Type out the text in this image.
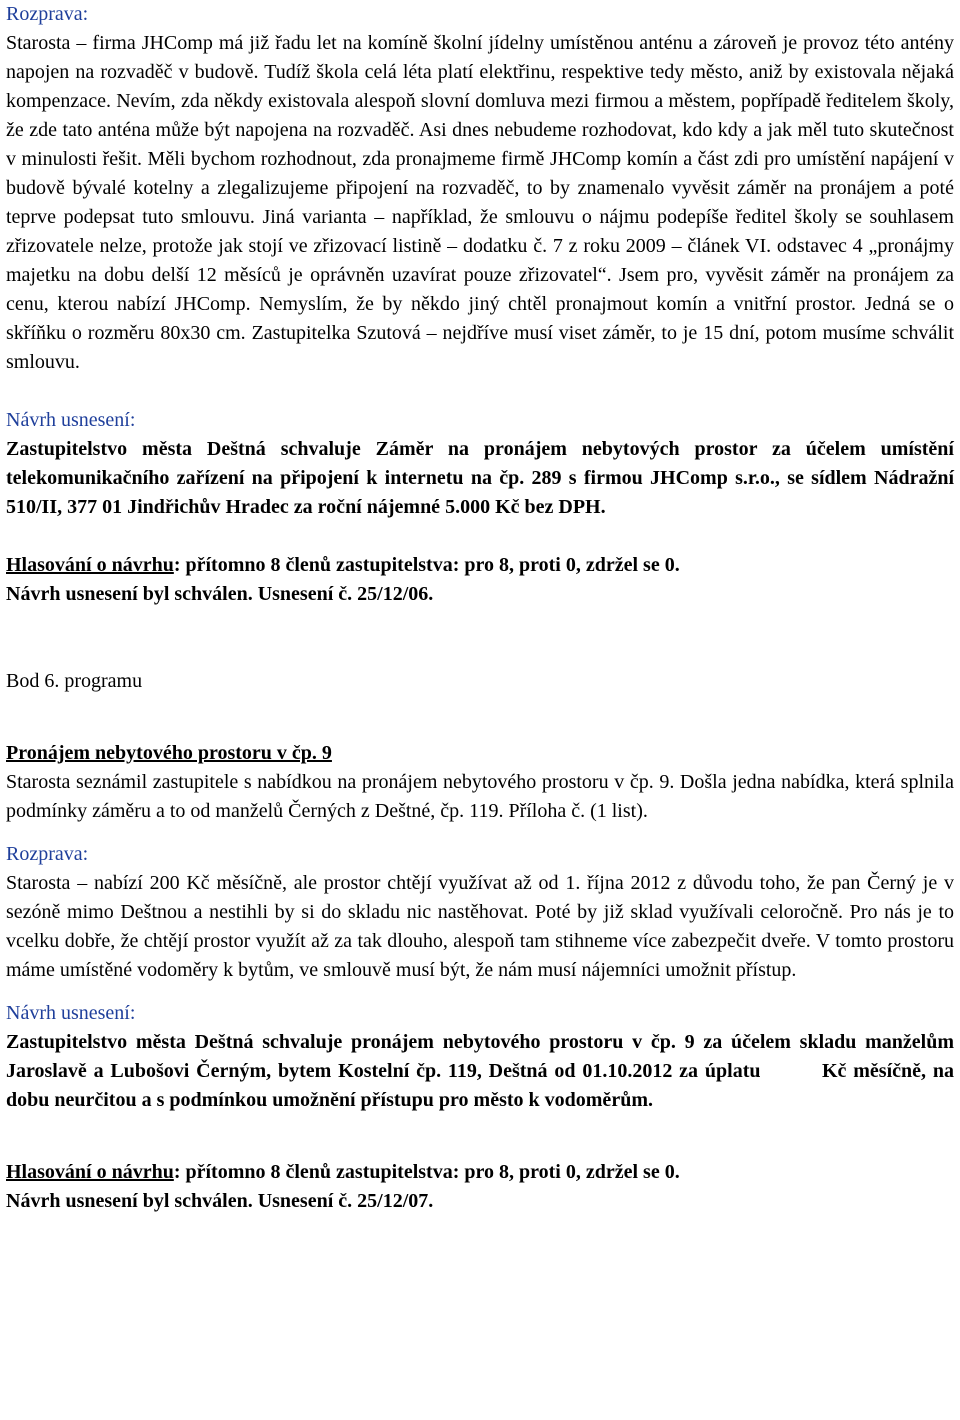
Rozprava:

Starosta – firma JHComp má již řadu let na komíně školní jídelny umístěnou anténu a zároveň je provoz této antény napojen na rozvaděč v budově. Tudíž škola celá léta platí elektřinu, respektive tedy město, aniž by existovala nějaká kompenzace. Nevím, zda někdy existovala alespoň slovní domluva mezi firmou a městem, popřípadě ředitelem školy, že zde tato anténa může být napojena na rozvaděč. Asi dnes nebudeme rozhodovat, kdo kdy a jak měl tuto skutečnost v minulosti řešit. Měli bychom rozhodnout, zda pronajmeme firmě JHComp komín a část zdi pro umístění napájení v budově bývalé kotelny a zlegalizujeme připojení na rozvaděč, to by znamenalo vyvěsit záměr na pronájem a poté teprve podepsat tuto smlouvu. Jiná varianta – například, že smlouvu o nájmu podepíše ředitel školy se souhlasem zřizovatele nelze, protože jak stojí ve zřizovací listině – dodatku č. 7 z roku 2009 – článek VI. odstavec 4 „pronájmy majetku na dobu delší 12 měsíců je oprávněn uzavírat pouze zřizovatel“. Jsem pro, vyvěsit záměr na pronájem za cenu, kterou nabízí JHComp. Nemyslím, že by někdo jiný chtěl pronajmout komín a vnitřní prostor. Jedná se o skříňku o rozměru 80x30 cm. Zastupitelka Szutová – nejdříve musí viset záměr, to je 15 dní, potom musíme schválit smlouvu.

Návrh usnesení:

Zastupitelstvo města Deštná schvaluje Záměr na pronájem nebytových prostor za účelem umístění telekomunikačního zařízení na připojení k internetu na čp. 289 s firmou JHComp s.r.o., se sídlem Nádražní 510/II, 377 01 Jindřichův Hradec za roční nájemné 5.000 Kč bez DPH.

Hlasování o návrhu: přítomno 8 členů zastupitelstva: pro 8, proti 0, zdržel se 0.

Návrh usnesení byl schválen. Usnesení č. 25/12/06.

Bod 6. programu

Pronájem nebytového prostoru v čp. 9

Starosta seznámil zastupitele s nabídkou na pronájem nebytového prostoru v čp. 9. Došla jedna nabídka, která splnila podmínky záměru a to od manželů Černých z Deštné, čp. 119. Příloha č. (1 list).

Rozprava:

Starosta – nabízí 200 Kč měsíčně, ale prostor chtějí využívat až od 1. října 2012 z důvodu toho, že pan Černý je v sezóně mimo Deštnou a nestihli by si do skladu nic nastěhovat. Poté by již sklad využívali celoročně. Pro nás je to vcelku dobře, že chtějí prostor využít až za tak dlouho, alespoň tam stihneme více zabezpečit dveře. V tomto prostoru máme umístěné vodoměry k bytům, ve smlouvě musí být, že nám musí nájemníci umožnit přístup.

Návrh usnesení:

Zastupitelstvo města Deštná schvaluje pronájem nebytového prostoru v čp. 9 za účelem skladu manželům Jaroslavě a Lubošovi Černým, bytem Kostelní čp. 119, Deštná od 01.10.2012 za úplatu         Kč měsíčně, na dobu neurčitou a s podmínkou umožnění přístupu pro město k vodoměrům.

Hlasování o návrhu: přítomno 8 členů zastupitelstva: pro 8, proti 0, zdržel se 0.

Návrh usnesení byl schválen. Usnesení č. 25/12/07.
